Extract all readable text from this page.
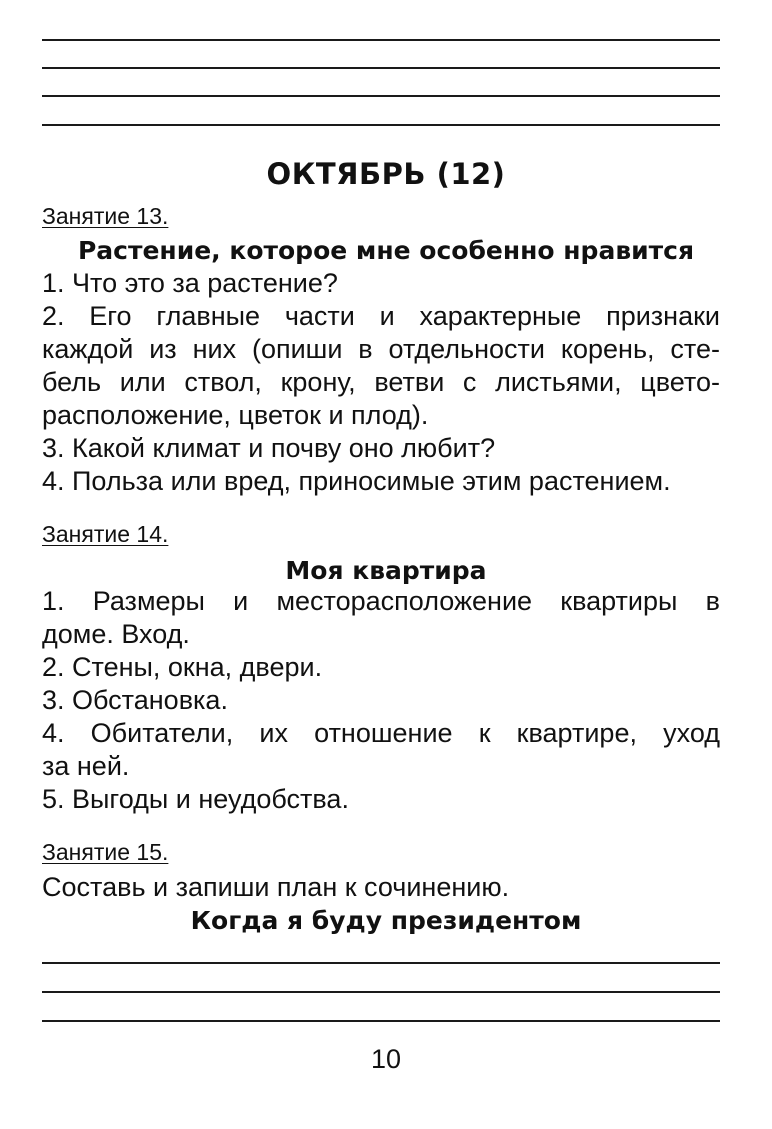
ОКТЯБРЬ (12)
Занятие 13.
Растение, которое мне особенно нравится
1. Что это за растение?
2. Его главные части и характерные признаки
каждой из них (опиши в отдельности корень, сте-
бель или ствол, крону, ветви с листьями, цвето-
расположение, цветок и плод).
3. Какой климат и почву оно любит?
4. Польза или вред, приносимые этим растением.
Занятие 14.
Моя квартира
1. Размеры и месторасположение квартиры в
доме. Вход.
2. Стены, окна, двери.
3. Обстановка.
4. Обитатели, их отношение к квартире, уход
за ней.
5. Выгоды и неудобства.
Занятие 15.
Составь и запиши план к сочинению.
Когда я буду президентом
10
